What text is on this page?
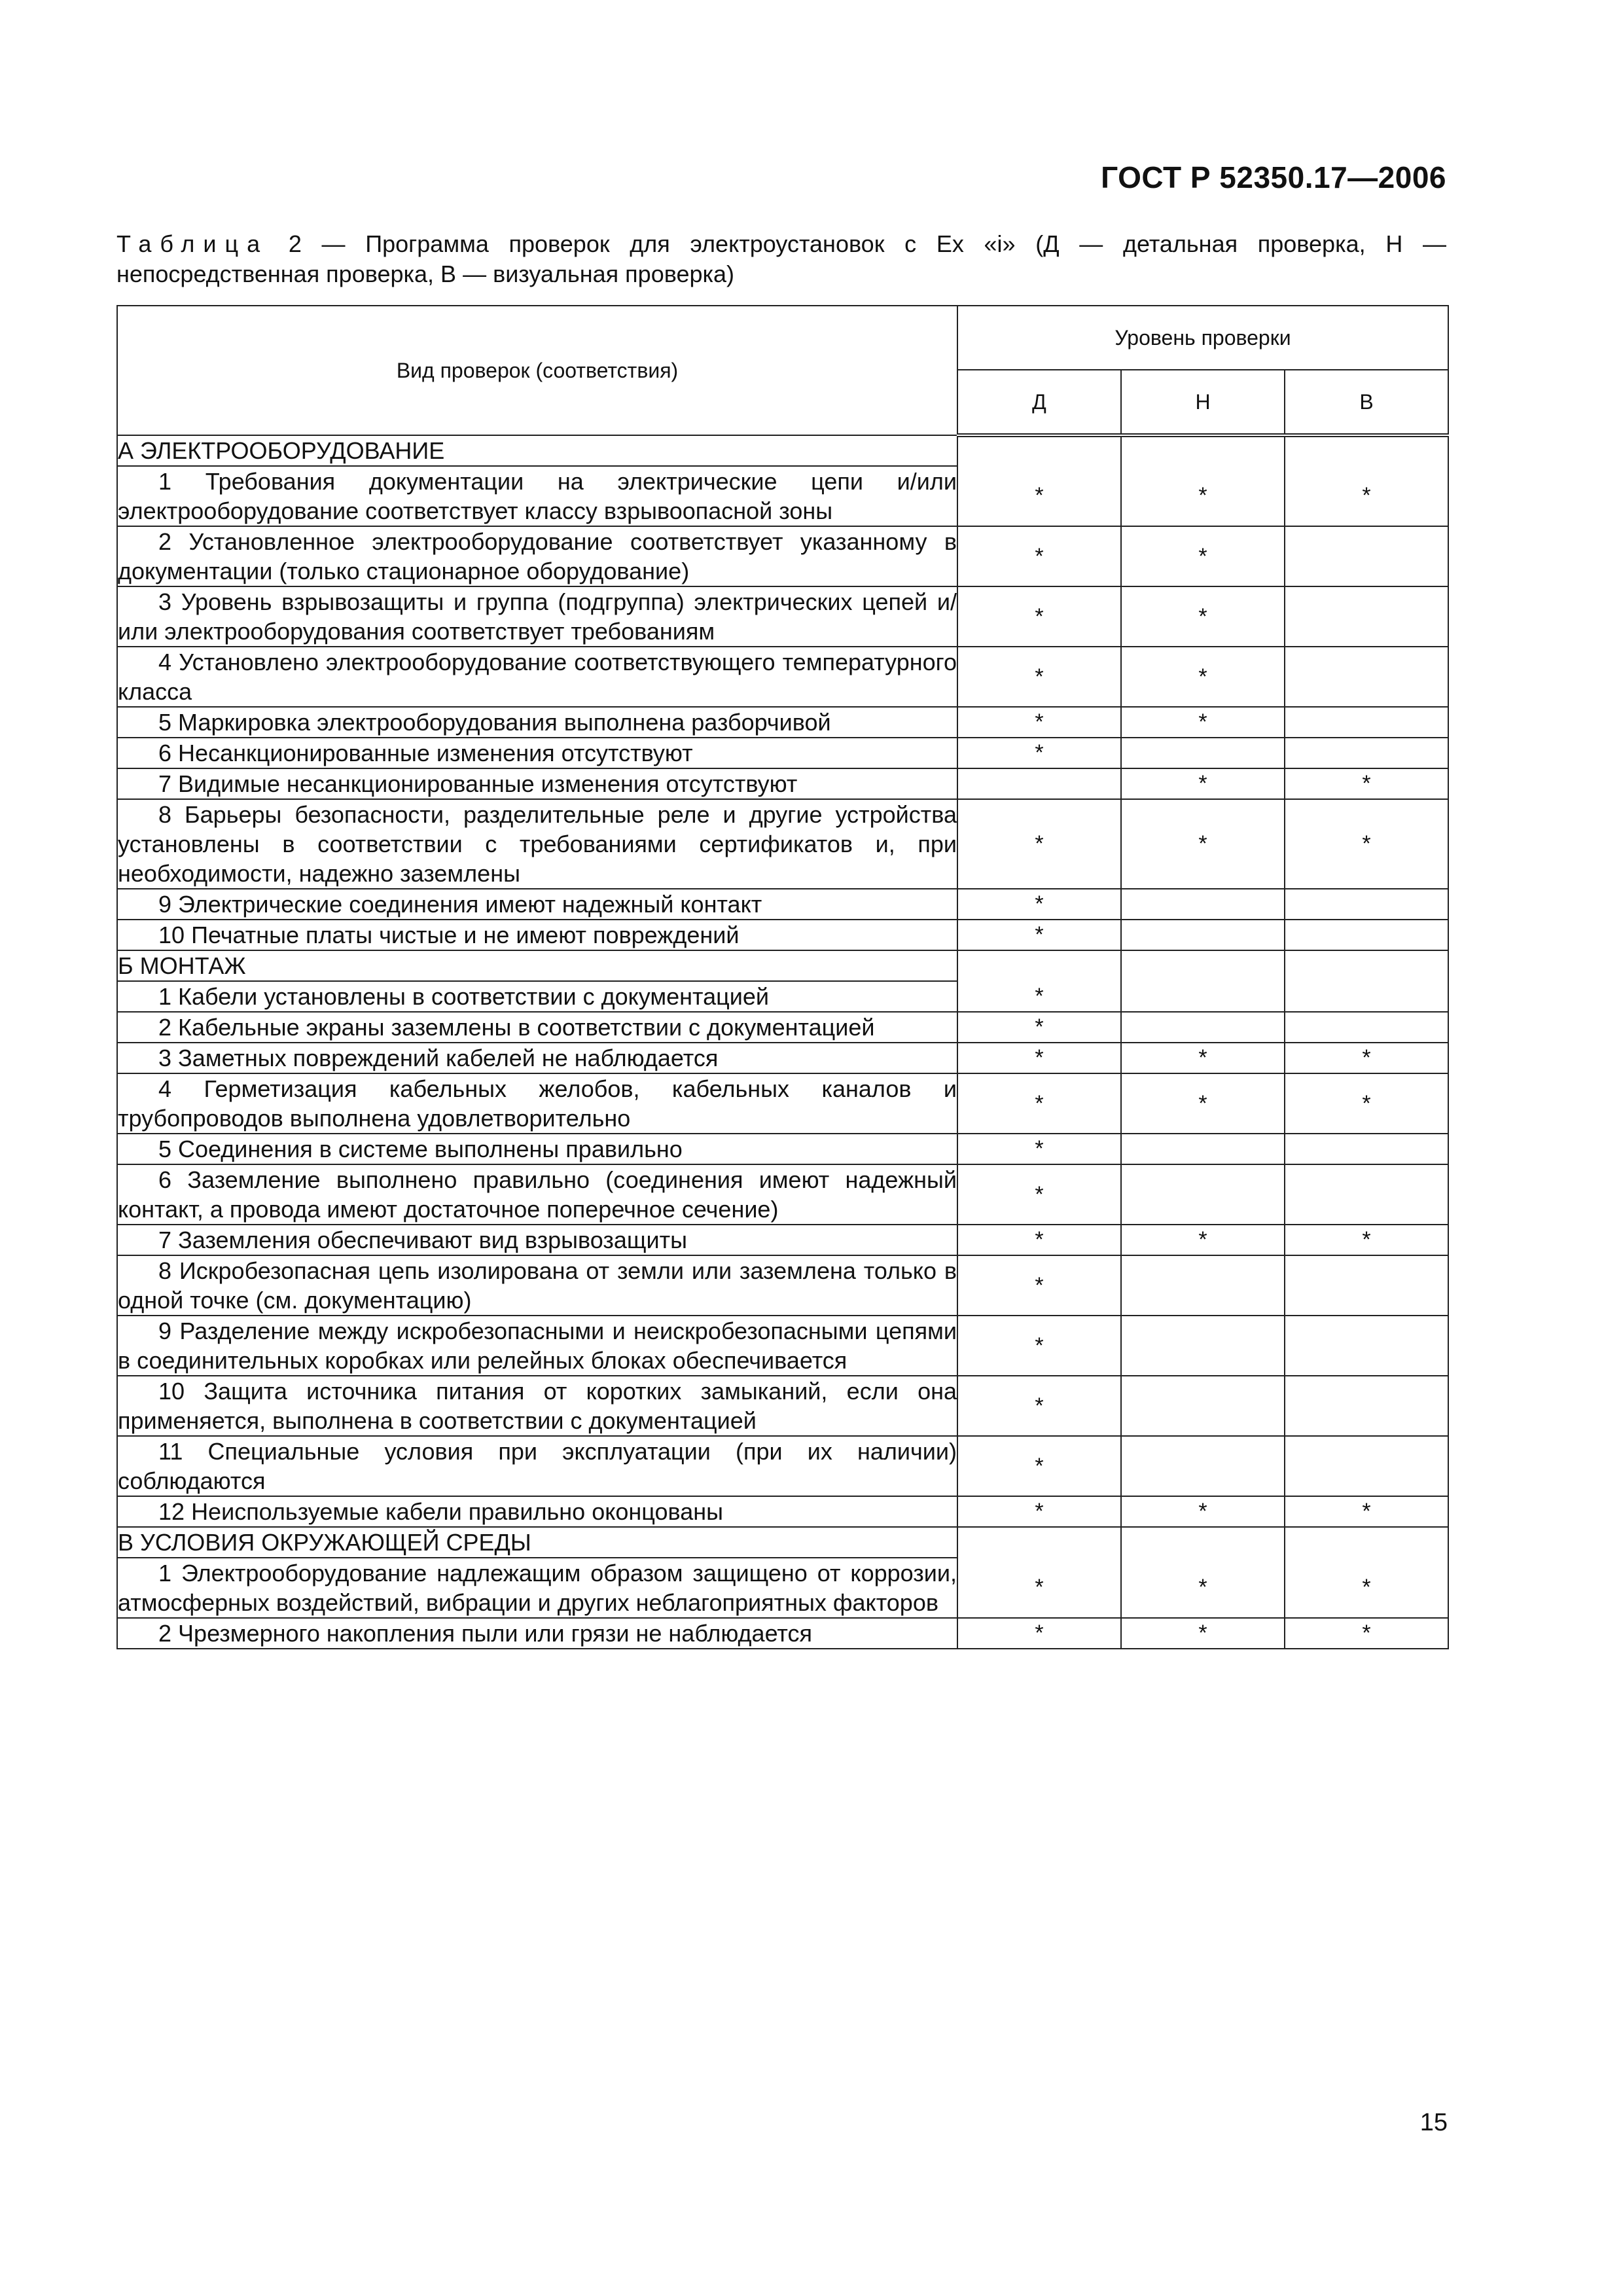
ГОСТ Р 52350.17—2006
Таблица 2 — Программа проверок для электроустановок с Ex «i» (Д — детальная проверка, Н — непосредственная проверка, В — визуальная проверка)
Вид проверок (соответствия)	Уровень проверки		
	Д	Н	В
А ЭЛЕКТРООБОРУДОВАНИЕ			
1 Требования документации на электрические цепи и/или электрооборудование соответствует классу взрывоопасной зоны	*	*	*
2 Установленное электрооборудование соответствует указанному в документации (только стационарное оборудование)	*	*	
3 Уровень взрывозащиты и группа (подгруппа) электрических цепей и/или электрооборудования соответствует требованиям	*	*	
4 Установлено электрооборудование соответствующего температурного класса	*	*	
5 Маркировка электрооборудования выполнена разборчивой	*	*	
6 Несанкционированные изменения отсутствуют	*		
7 Видимые несанкционированные изменения отсутствуют		*	*
8 Барьеры безопасности, разделительные реле и другие устройства установлены в соответствии с требованиями сертификатов и, при необходимости, надежно заземлены	*	*	*
9 Электрические соединения имеют надежный контакт	*		
10 Печатные платы чистые и не имеют повреждений	*		
Б МОНТАЖ			
1 Кабели установлены в соответствии с документацией	*		
2 Кабельные экраны заземлены в соответствии с документацией	*		
3 Заметных повреждений кабелей не наблюдается	*	*	*
4 Герметизация кабельных желобов, кабельных каналов и трубопроводов выполнена удовлетворительно	*	*	*
5 Соединения в системе выполнены правильно	*		
6 Заземление выполнено правильно (соединения имеют надежный контакт, а провода имеют достаточное поперечное сечение)	*		
7 Заземления обеспечивают вид взрывозащиты	*	*	*
8 Искробезопасная цепь изолирована от земли или заземлена только в одной точке (см. документацию)	*		
9 Разделение между искробезопасными и неискробезопасными цепями в соединительных коробках или релейных блоках обеспечивается	*		
10 Защита источника питания от коротких замыканий, если она применяется, выполнена в соответствии с документацией	*		
11 Специальные условия при эксплуатации (при их наличии) соблюдаются	*		
12 Неиспользуемые кабели правильно оконцованы	*	*	*
В УСЛОВИЯ ОКРУЖАЮЩЕЙ СРЕДЫ			
1 Электрооборудование надлежащим образом защищено от коррозии, атмосферных воздействий, вибрации и других неблагоприятных факторов	*	*	*
2 Чрезмерного накопления пыли или грязи не наблюдается	*	*	*
15
